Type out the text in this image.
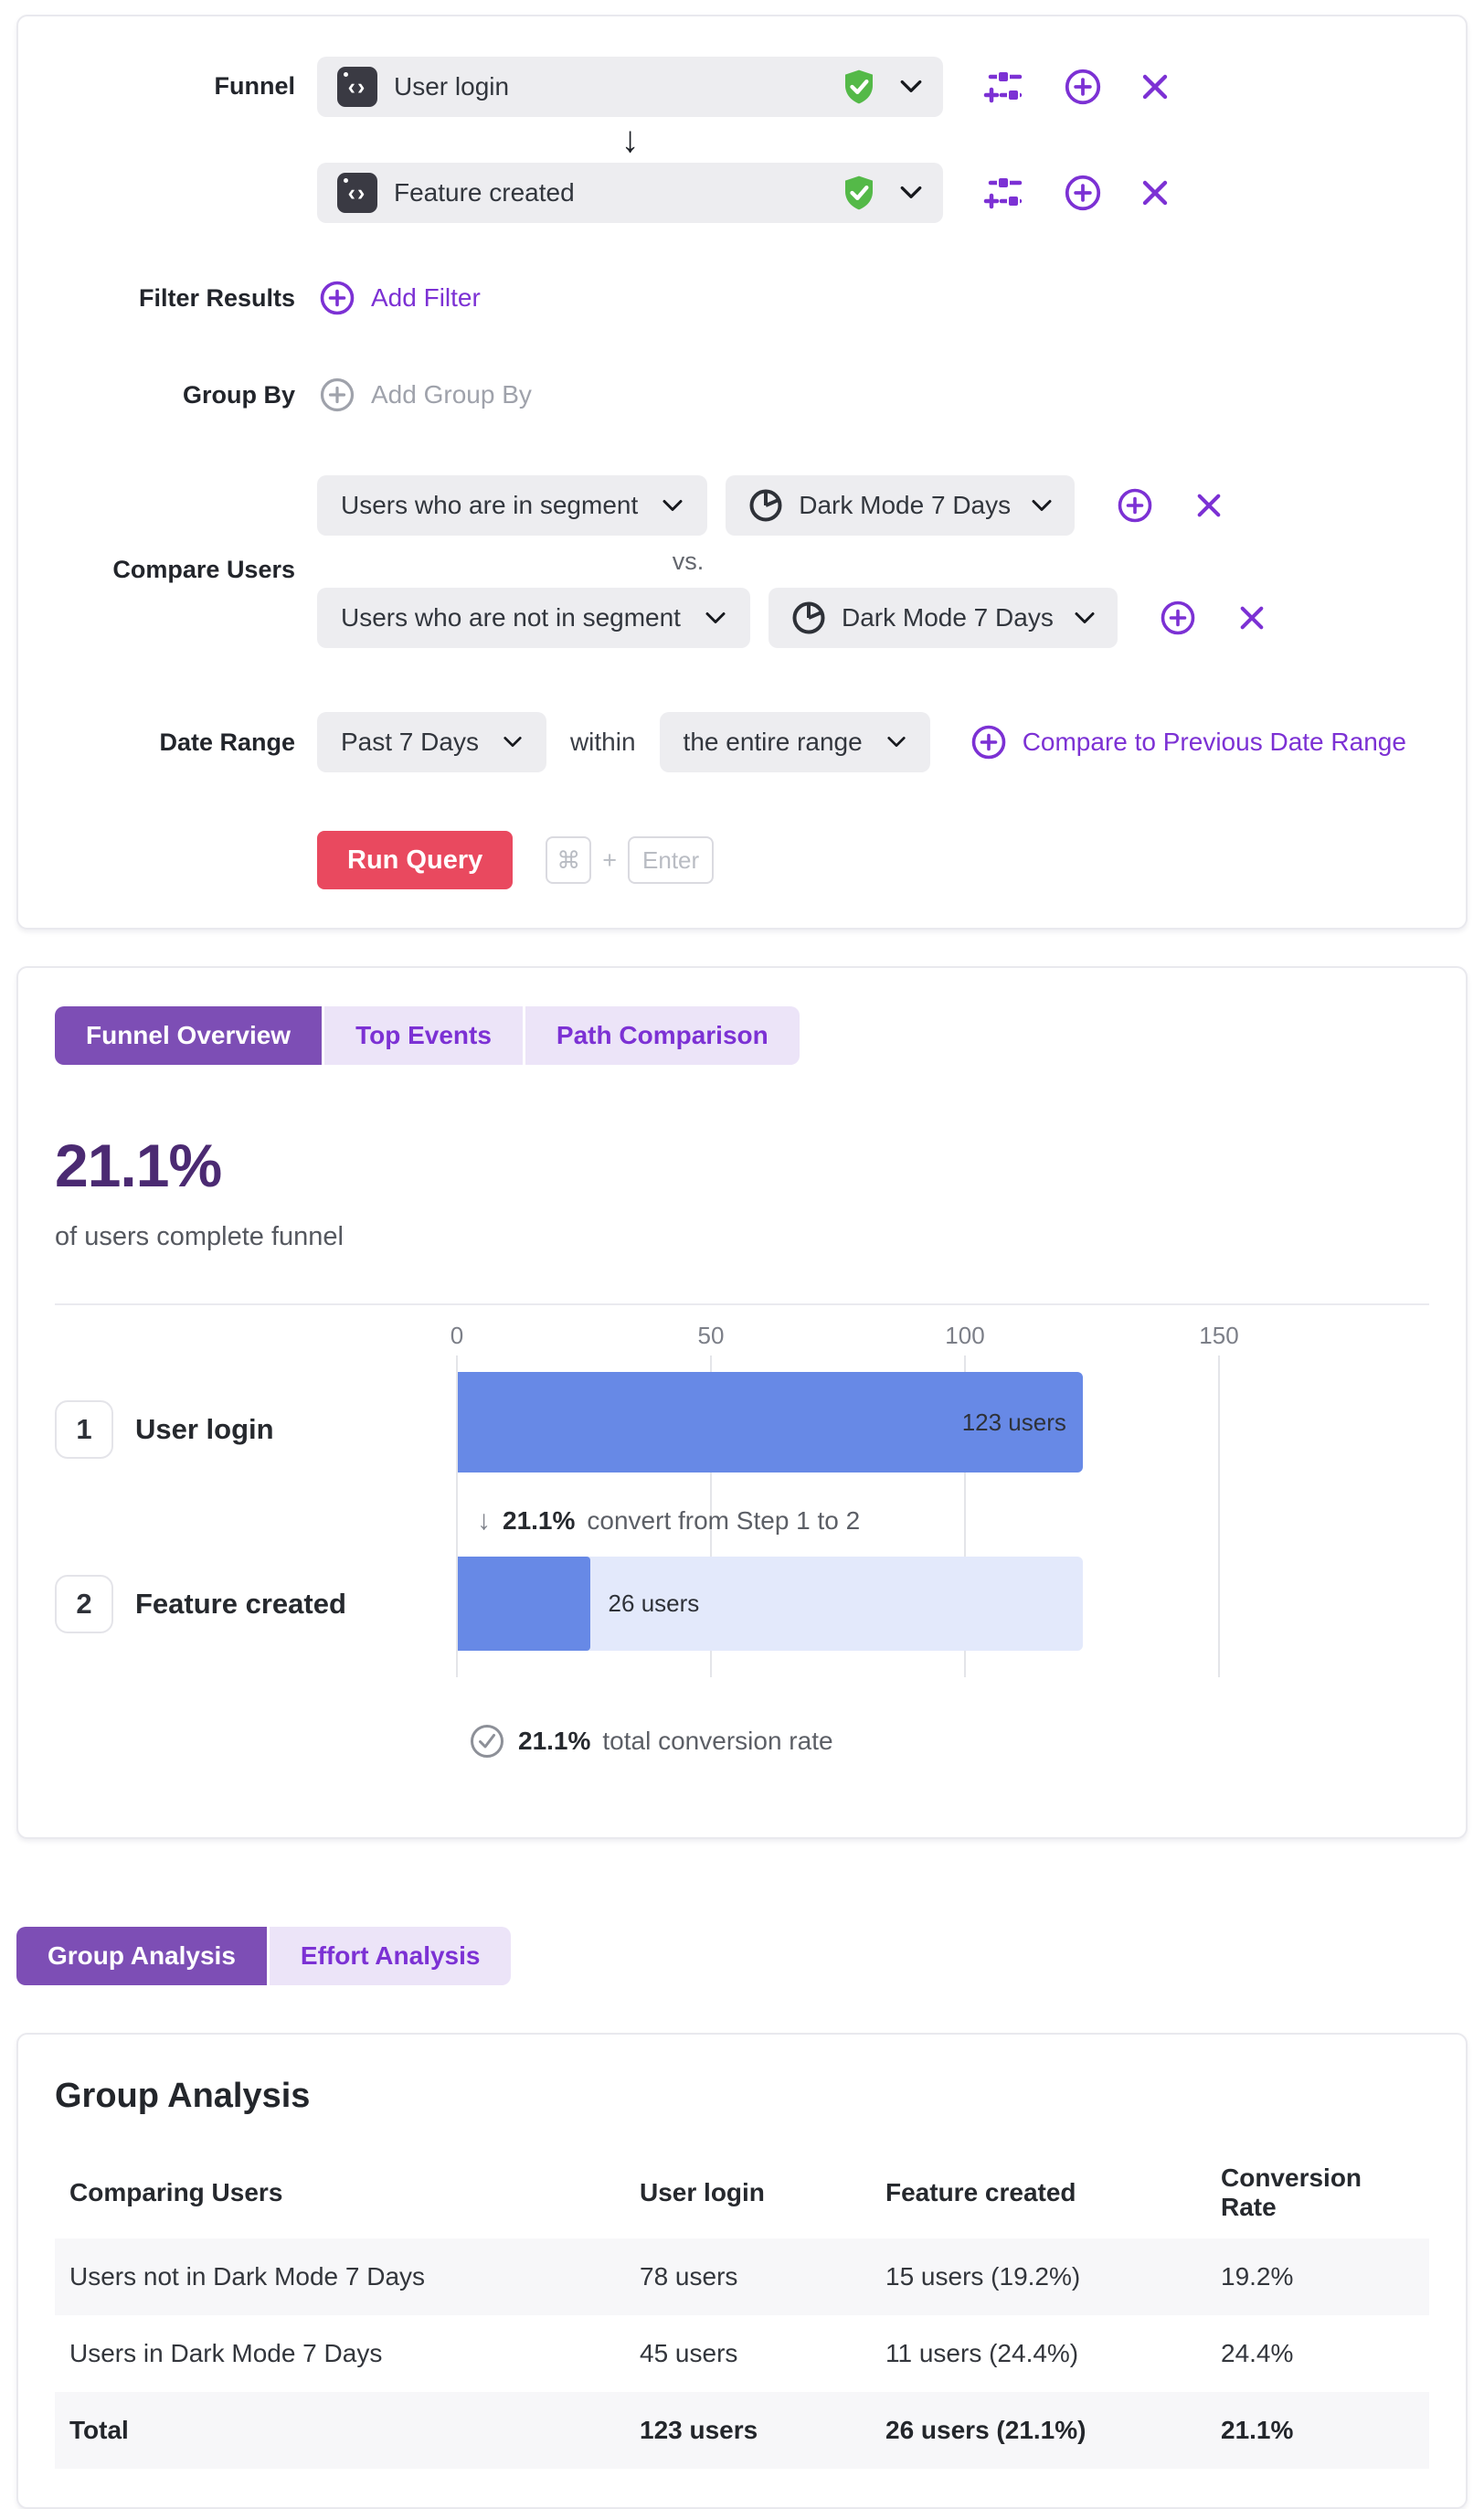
Funnel	‹›	User login
↓
‹›	Feature created
Filter Results	Add Filter
Group By	Add Group By
Compare Users
Users who are in segment	Dark Mode 7 Days
vs.
Users who are not in segment	Dark Mode 7 Days
Date Range	Past 7 Days	within the entire range	Compare to Previous Date Range
Run Query	⌘ +	Enter
Funnel Overview	Top Events	Path Comparison
21.1%
of users complete funnel
0	50	100	150
1	User login	123 users
↓ 21.1% convert from Step 1 to 2
2	Feature created	26 users
21.1% total conversion rate
Group Analysis	Effort Analysis
Group Analysis
Comparing Users	User login	Feature created	Conversion Rate
Users not in Dark Mode 7 Days	78 users	15 users (19.2%)	19.2%
Users in Dark Mode 7 Days	45 users	11 users (24.4%)	24.4%
Total	123 users	26 users (21.1%)	21.1%
